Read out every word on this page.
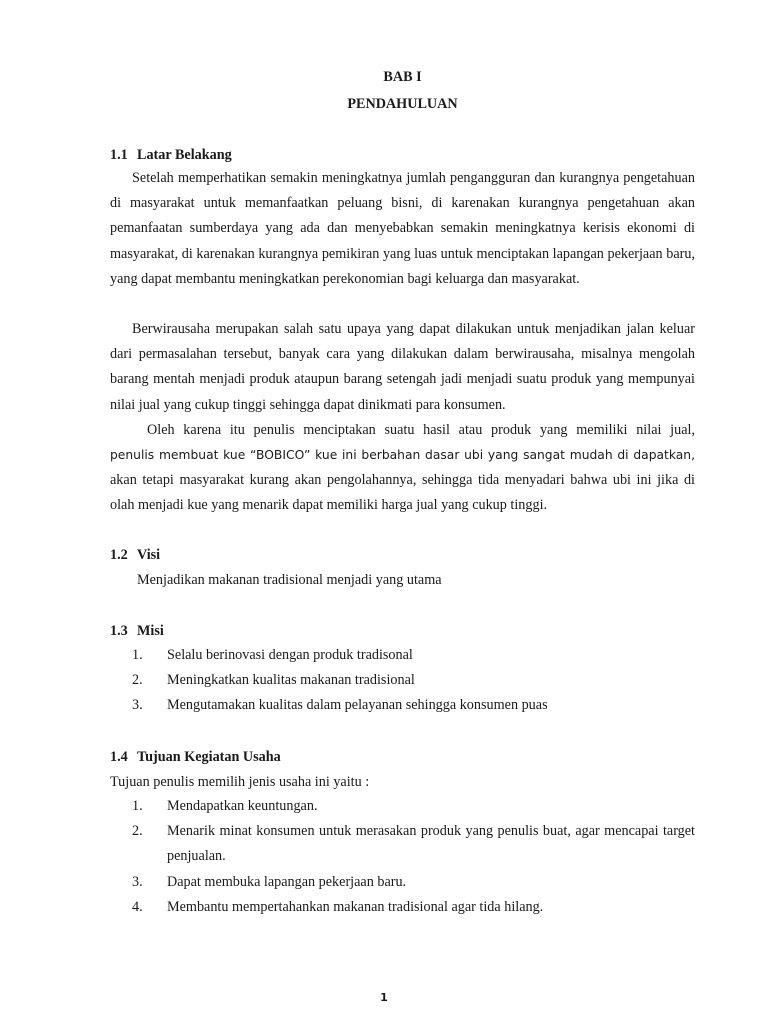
BAB I
PENDAHULUAN
1.1 Latar Belakang
Setelah memperhatikan semakin meningkatnya jumlah pengangguran dan kurangnya pengetahuan di masyarakat untuk memanfaatkan peluang bisni, di karenakan kurangnya pengetahuan akan pemanfaatan sumberdaya yang ada dan menyebabkan semakin meningkatnya kerisis ekonomi di masyarakat, di karenakan kurangnya pemikiran yang luas untuk menciptakan lapangan pekerjaan baru, yang dapat membantu meningkatkan perekonomian bagi keluarga dan masyarakat.
Berwirausaha merupakan salah satu upaya yang dapat dilakukan untuk menjadikan jalan keluar dari permasalahan tersebut, banyak cara yang dilakukan dalam berwirausaha, misalnya mengolah barang mentah menjadi produk ataupun barang setengah jadi menjadi suatu produk yang mempunyai nilai jual yang cukup tinggi sehingga dapat dinikmati para konsumen.
Oleh karena itu penulis menciptakan suatu hasil atau produk yang memiliki nilai jual,
penulis membuat kue “BOBICO” kue ini berbahan dasar ubi yang sangat mudah di dapatkan,
akan tetapi masyarakat kurang akan pengolahannya, sehingga tida menyadari bahwa ubi ini jika di olah menjadi kue yang menarik dapat memiliki harga jual yang cukup tinggi.
1.2 Visi
Menjadikan makanan tradisional menjadi yang utama
1.3 Misi
1.	Selalu berinovasi dengan produk tradisonal
2.	Meningkatkan kualitas makanan tradisional
3.	Mengutamakan kualitas dalam pelayanan sehingga konsumen puas
1.4 Tujuan Kegiatan Usaha
Tujuan penulis memilih jenis usaha ini yaitu :
1.	Mendapatkan keuntungan.
2.	Menarik minat konsumen untuk merasakan produk yang penulis buat, agar mencapai target penjualan.
3.	Dapat membuka lapangan pekerjaan baru.
4.	Membantu mempertahankan makanan tradisional agar tida hilang.
1
